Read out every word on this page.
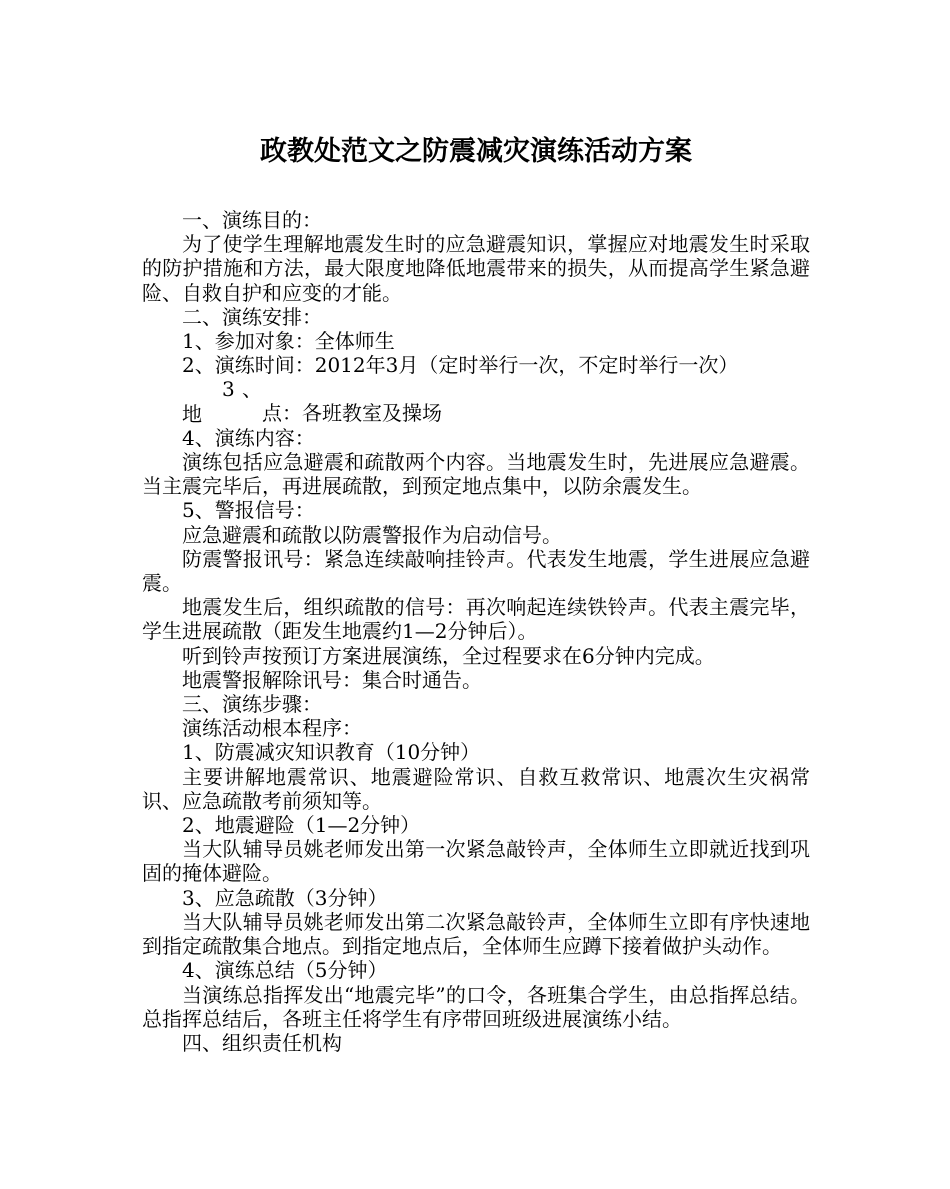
政教处范文之防震减灾演练活动方案

一、演练目的：

为了使学生理解地震发生时的应急避震知识，掌握应对地震发生时采取的防护措施和方法，最大限度地降低地震带来的损失，从而提高学生紧急避险、自救自护和应变的才能。

二、演练安排：

1、参加对象：全体师生

2、演练时间：2012年3月（定时举行一次，不定时举行一次）

3、地	点：各班教室及操场

4、演练内容：

演练包括应急避震和疏散两个内容。当地震发生时，先进展应急避震。当主震完毕后，再进展疏散，到预定地点集中，以防余震发生。

5、警报信号：

应急避震和疏散以防震警报作为启动信号。

防震警报讯号：紧急连续敲响挂铃声。代表发生地震，学生进展应急避震。

地震发生后，组织疏散的信号：再次响起连续铁铃声。代表主震完毕，学生进展疏散（距发生地震约1—2分钟后）。

听到铃声按预订方案进展演练，全过程要求在6分钟内完成。

地震警报解除讯号：集合时通告。

三、演练步骤：

演练活动根本程序：

1、防震减灾知识教育（10分钟）

主要讲解地震常识、地震避险常识、自救互救常识、地震次生灾祸常识、应急疏散考前须知等。

2、地震避险（1—2分钟）

当大队辅导员姚老师发出第一次紧急敲铃声，全体师生立即就近找到巩固的掩体避险。

3、应急疏散（3分钟）

当大队辅导员姚老师发出第二次紧急敲铃声，全体师生立即有序快速地到指定疏散集合地点。到指定地点后，全体师生应蹲下接着做护头动作。

4、演练总结（5分钟）

当演练总指挥发出“地震完毕”的口令，各班集合学生，由总指挥总结。总指挥总结后，各班主任将学生有序带回班级进展演练小结。

四、组织责任机构
